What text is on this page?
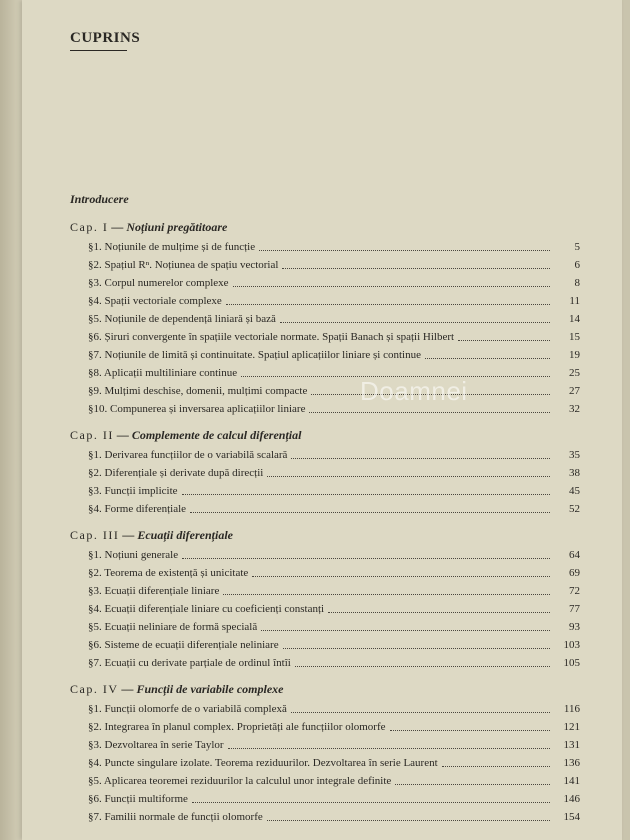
CUPRINS
Introducere
Cap. I — Noțiuni pregătitoare
§1. Noțiunile de mulțime și de funcție	5
§2. Spațiul Rⁿ. Noțiunea de spațiu vectorial	6
§3. Corpul numerelor complexe	8
§4. Spații vectoriale complexe	11
§5. Noțiunile de dependență liniară și bază	14
§6. Șiruri convergente în spațiile vectoriale normate. Spații Banach și spații Hilbert	15
§7. Noțiunile de limită și continuitate. Spațiul aplicațiilor liniare și continue	19
§8. Aplicații multiliniare continue	25
§9. Mulțimi deschise, domenii, mulțimi compacte	27
§10. Compunerea și inversarea aplicațiilor liniare	32
Cap. II — Complemente de calcul diferențial
§1. Derivarea funcțiilor de o variabilă scalară	35
§2. Diferențiale și derivate după direcții	38
§3. Funcții implicite	45
§4. Forme diferențiale	52
Cap. III — Ecuații diferențiale
§1. Noțiuni generale	64
§2. Teorema de existență și unicitate	69
§3. Ecuații diferențiale liniare	72
§4. Ecuații diferențiale liniare cu coeficienți constanți	77
§5. Ecuații neliniare de formă specială	93
§6. Sisteme de ecuații diferențiale neliniare	103
§7. Ecuații cu derivate parțiale de ordinul întîi	105
Cap. IV — Funcții de variabile complexe
§1. Funcții olomorfe de o variabilă complexă	116
§2. Integrarea în planul complex. Proprietăți ale funcțiilor olomorfe	121
§3. Dezvoltarea în serie Taylor	131
§4. Puncte singulare izolate. Teorema reziduurilor. Dezvoltarea în serie Laurent	136
§5. Aplicarea teoremei reziduurilor la calculul unor integrale definite	141
§6. Funcții multiforme	146
§7. Familii normale de funcții olomorfe	154
Doamnei
